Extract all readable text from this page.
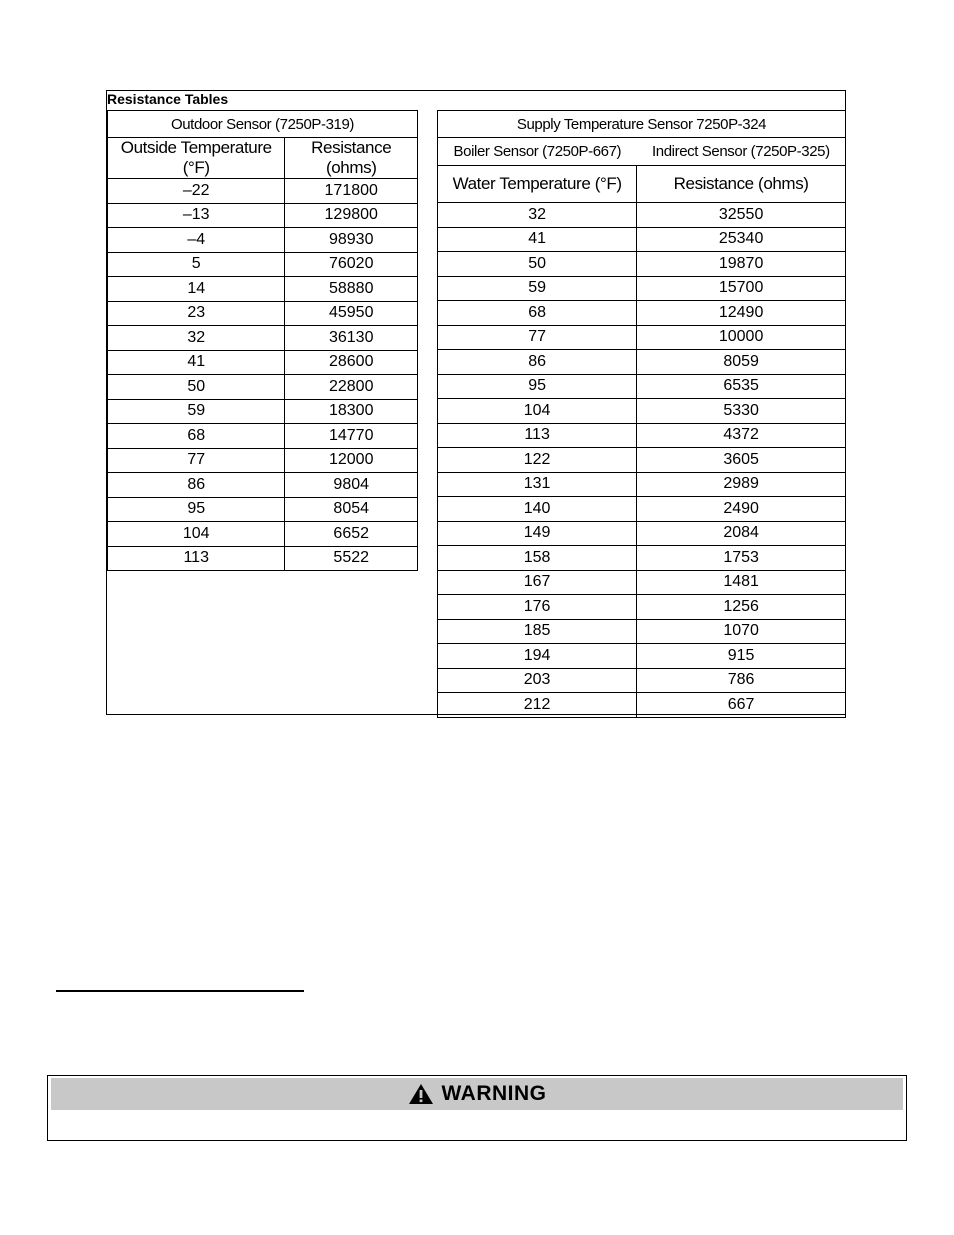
Resistance Tables
Outdoor Sensor (7250P-319)	
Outside Temperature (°F)	Resistance (ohms)
–22	171800
–13	129800
–4	98930
5	76020
14	58880
23	45950
32	36130
41	28600
50	22800
59	18300
68	14770
77	12000
86	9804
95	8054
104	6652
113	5522
Supply Temperature Sensor 7250P-324	
Boiler Sensor (7250P-667)	Indirect Sensor (7250P-325)
Water Temperature (°F)	Resistance (ohms)
32	32550
41	25340
50	19870
59	15700
68	12490
77	10000
86	8059
95	6535
104	5330
113	4372
122	3605
131	2989
140	2490
149	2084
158	1753
167	1481
176	1256
185	1070
194	915
203	786
212	667
WARNING
